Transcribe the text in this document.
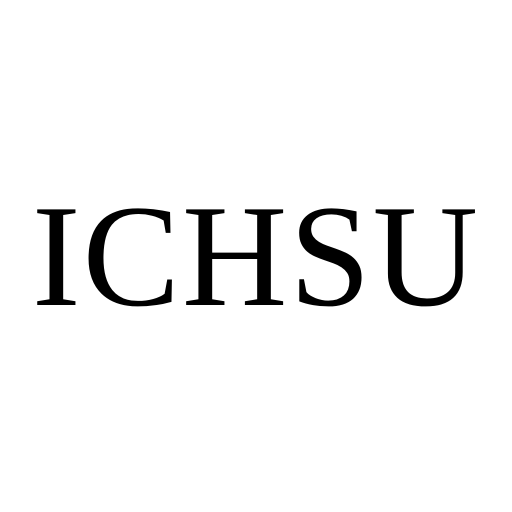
ICHSU
